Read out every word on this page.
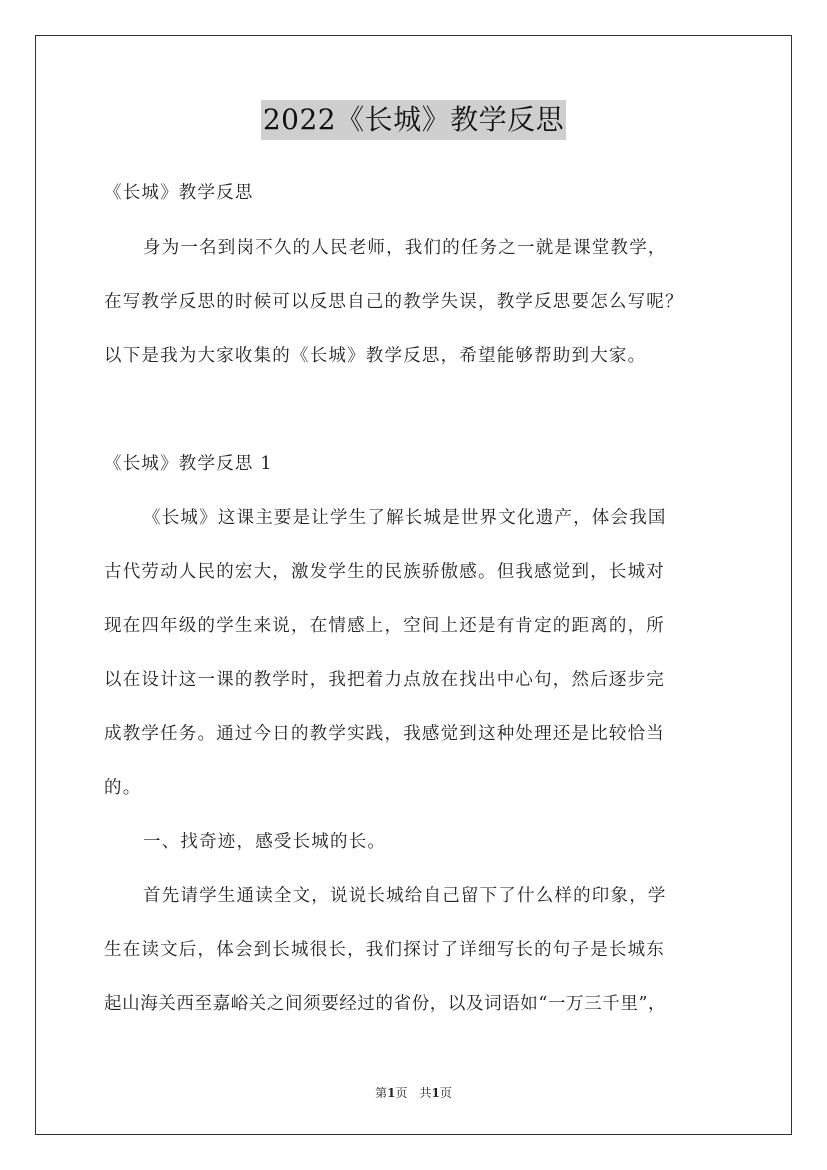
2022《长城》教学反思
《长城》教学反思
身为一名到岗不久的人民老师，我们的任务之一就是课堂教学，
在写教学反思的时候可以反思自己的教学失误，教学反思要怎么写呢？
以下是我为大家收集的《长城》教学反思，希望能够帮助到大家。
《长城》教学反思 1
《长城》这课主要是让学生了解长城是世界文化遗产，体会我国
古代劳动人民的宏大，激发学生的民族骄傲感。但我感觉到，长城对
现在四年级的学生来说，在情感上，空间上还是有肯定的距离的，所
以在设计这一课的教学时，我把着力点放在找出中心句，然后逐步完
成教学任务。通过今日的教学实践，我感觉到这种处理还是比较恰当
的。
一、找奇迹，感受长城的长。
首先请学生通读全文，说说长城给自己留下了什么样的印象，学
生在读文后，体会到长城很长，我们探讨了详细写长的句子是长城东
起山海关西至嘉峪关之间须要经过的省份，以及词语如“一万三千里”，
第1页　共1页
